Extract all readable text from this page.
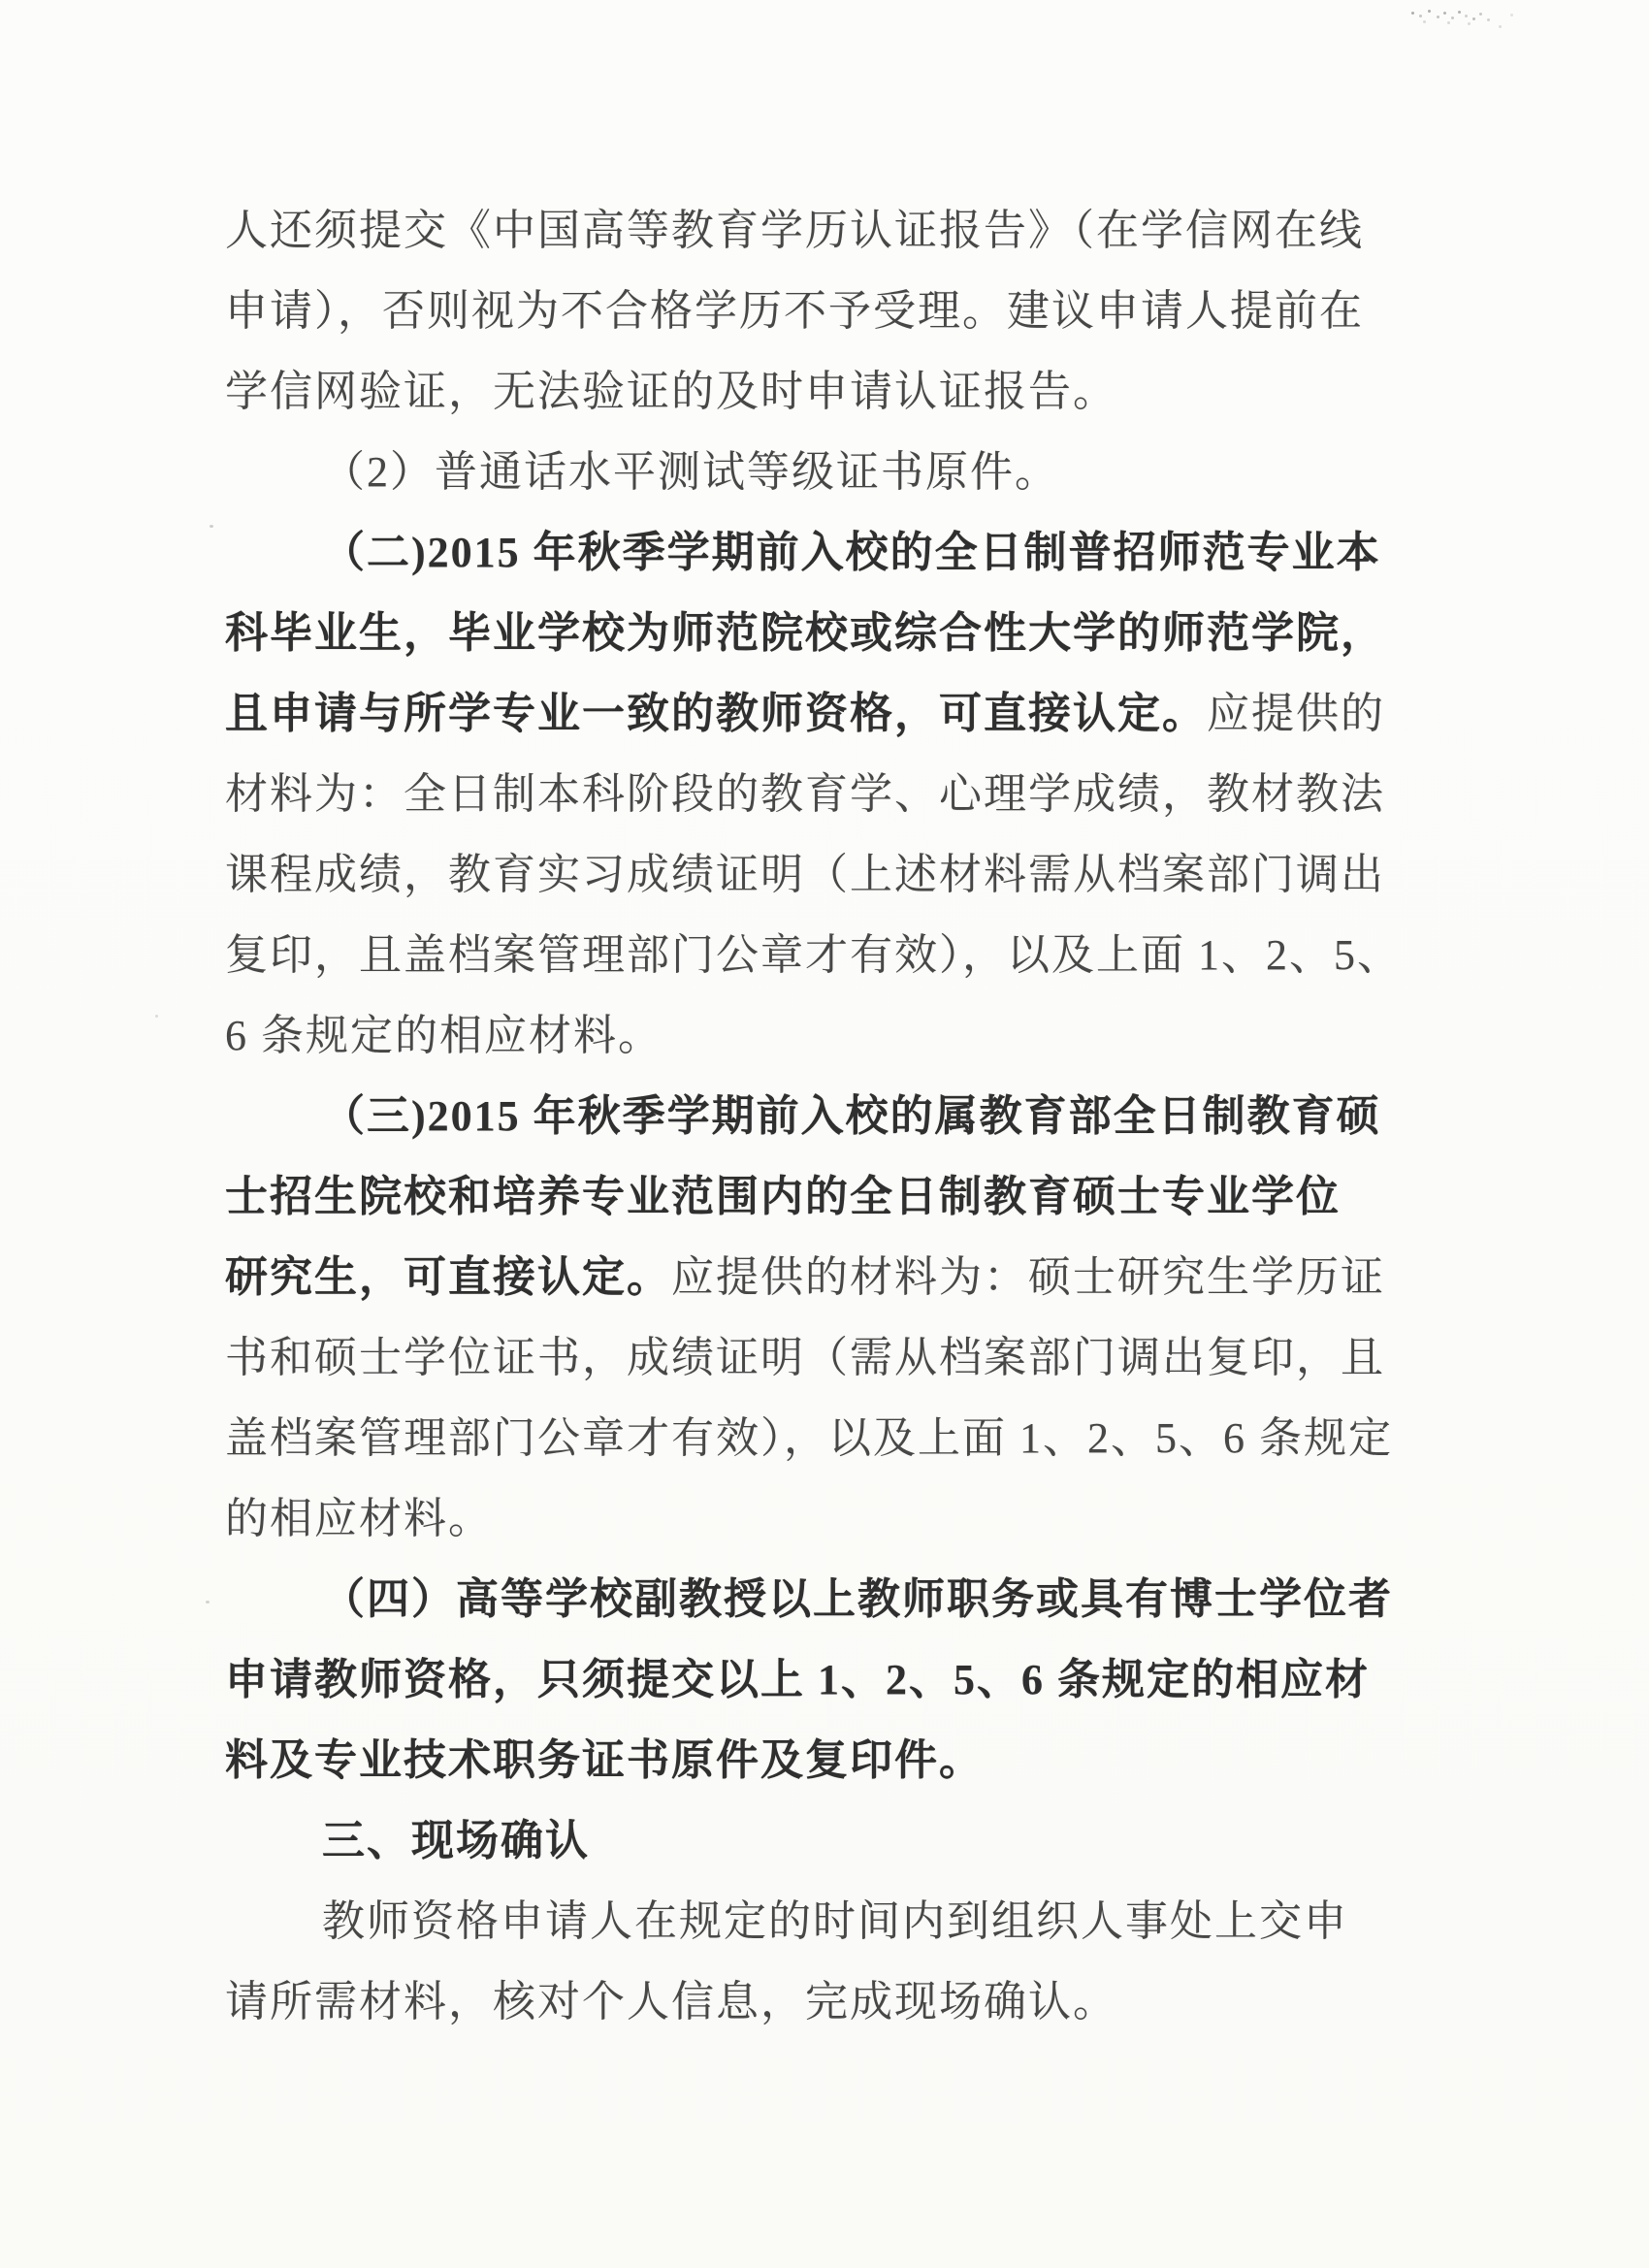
人还须提交《中国高等教育学历认证报告》（在学信网在线
申请），否则视为不合格学历不予受理。建议申请人提前在
学信网验证，无法验证的及时申请认证报告。
（2）普通话水平测试等级证书原件。
（二)2015 年秋季学期前入校的全日制普招师范专业本
科毕业生，毕业学校为师范院校或综合性大学的师范学院，
且申请与所学专业一致的教师资格，可直接认定。应提供的
材料为：全日制本科阶段的教育学、心理学成绩，教材教法
课程成绩，教育实习成绩证明（上述材料需从档案部门调出
复印，且盖档案管理部门公章才有效），以及上面 1、2、5、
6 条规定的相应材料。
（三)2015 年秋季学期前入校的属教育部全日制教育硕
士招生院校和培养专业范围内的全日制教育硕士专业学位
研究生，可直接认定。应提供的材料为：硕士研究生学历证
书和硕士学位证书，成绩证明（需从档案部门调出复印，且
盖档案管理部门公章才有效），以及上面 1、2、5、6 条规定
的相应材料。
（四）高等学校副教授以上教师职务或具有博士学位者
申请教师资格，只须提交以上 1、2、5、6 条规定的相应材
料及专业技术职务证书原件及复印件。
三、现场确认
教师资格申请人在规定的时间内到组织人事处上交申
请所需材料，核对个人信息，完成现场确认。
